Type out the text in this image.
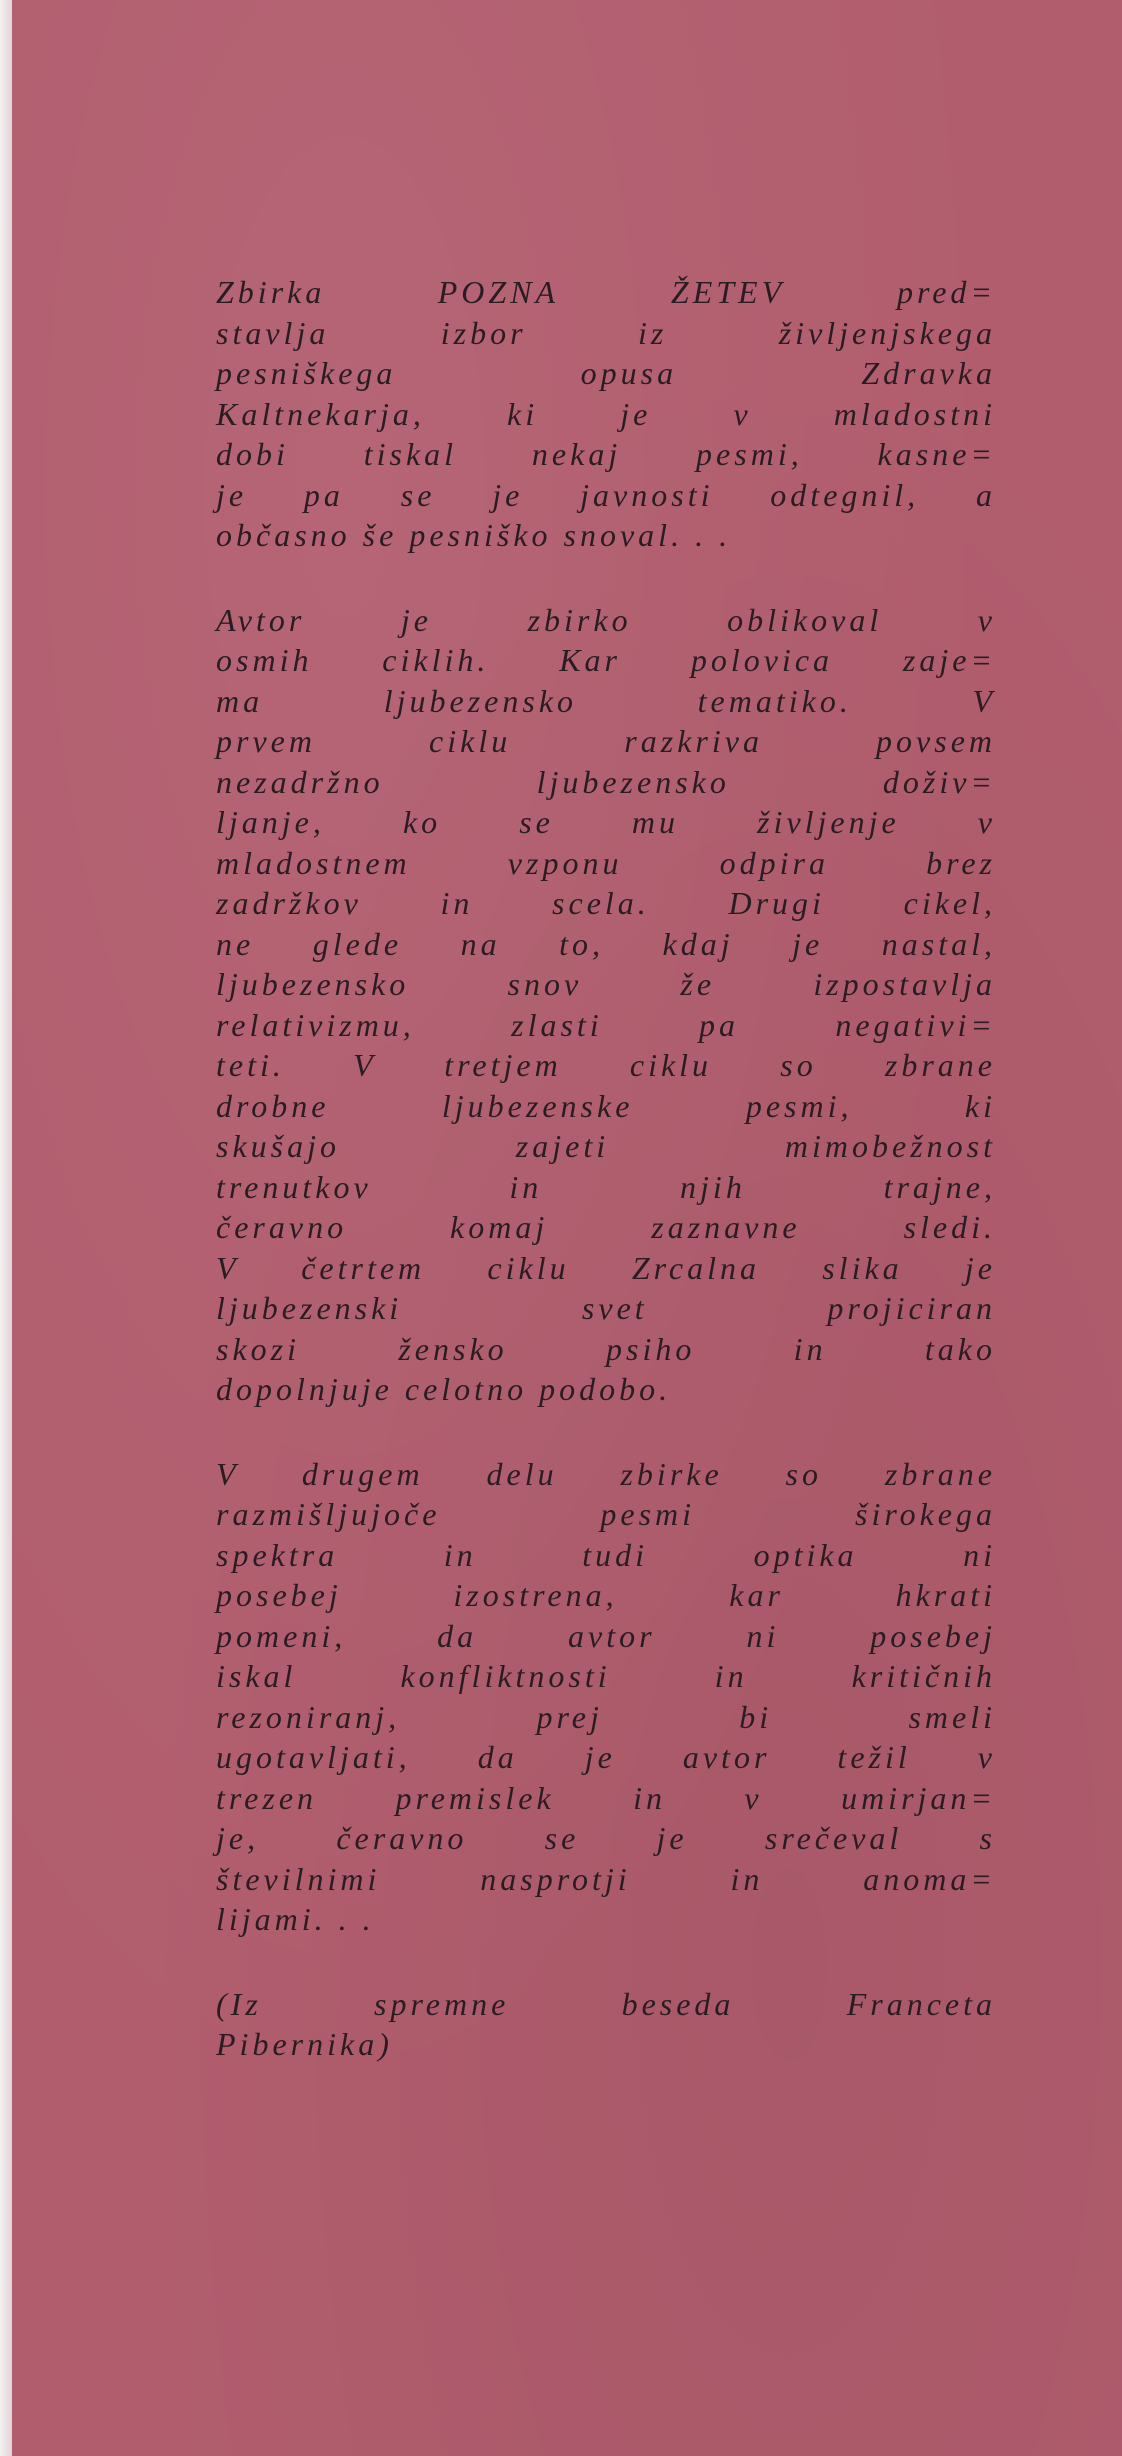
Zbirka POZNA ŽETEV pred=
stavlja izbor iz življenjskega
pesniškega opusa Zdravka
Kaltnekarja, ki je v mladostni
dobi tiskal nekaj pesmi, kasne=
je pa se je javnosti odtegnil, a
občasno še pesniško snoval. . .

Avtor je zbirko oblikoval v
osmih ciklih. Kar polovica zaje=
ma ljubezensko tematiko. V
prvem ciklu razkriva povsem
nezadržno ljubezensko doživ=
ljanje, ko se mu življenje v
mladostnem vzponu odpira brez
zadržkov in scela. Drugi cikel,
ne glede na to, kdaj je nastal,
ljubezensko snov že izpostavlja
relativizmu, zlasti pa negativi=
teti. V tretjem ciklu so zbrane
drobne ljubezenske pesmi, ki
skušajo zajeti mimobežnost
trenutkov in njih trajne,
čeravno komaj zaznavne sledi.
V četrtem ciklu Zrcalna slika je
ljubezenski svet projiciran
skozi žensko psiho in tako
dopolnjuje celotno podobo.

V drugem delu zbirke so zbrane
razmišljujoče pesmi širokega
spektra in tudi optika ni
posebej izostrena, kar hkrati
pomeni, da avtor ni posebej
iskal konfliktnosti in kritičnih
rezoniranj, prej bi smeli
ugotavljati, da je avtor težil v
trezen premislek in v umirjan=
je, čeravno se je srečeval s
številnimi nasprotji in anoma=
lijami. . .

(Iz spremne beseda Franceta
Pibernika)
